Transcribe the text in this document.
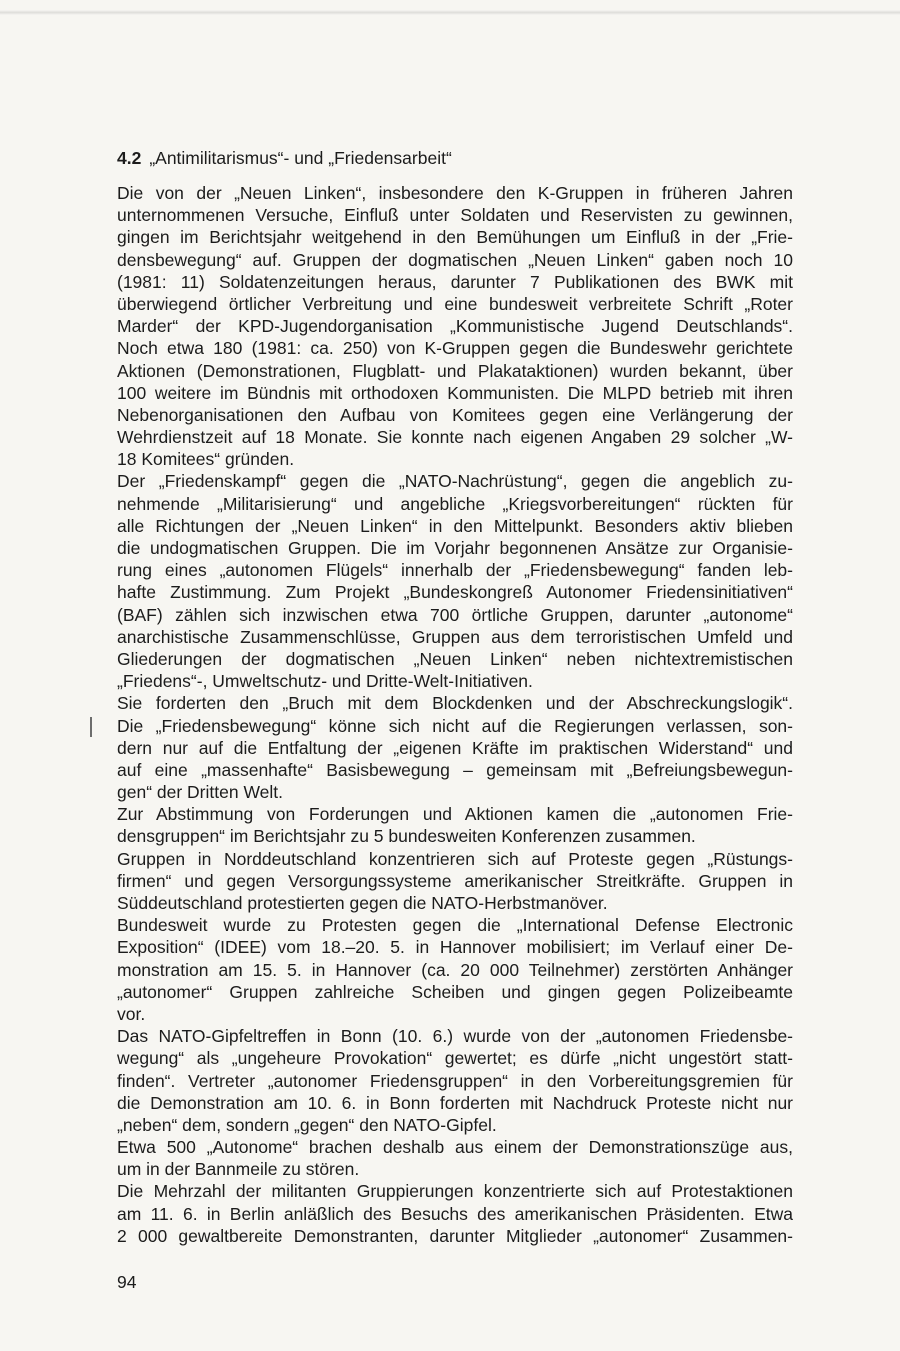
4.2 „Antimilitarismus“- und „Friedensarbeit“
Die von der „Neuen Linken“, insbesondere den K-Gruppen in früheren Jahren
unternommenen Versuche, Einfluß unter Soldaten und Reservisten zu gewinnen,
gingen im Berichtsjahr weitgehend in den Bemühungen um Einfluß in der „Frie-
densbewegung“ auf. Gruppen der dogmatischen „Neuen Linken“ gaben noch 10
(1981: 11) Soldatenzeitungen heraus, darunter 7 Publikationen des BWK mit
überwiegend örtlicher Verbreitung und eine bundesweit verbreitete Schrift „Roter
Marder“ der KPD-Jugendorganisation „Kommunistische Jugend Deutschlands“.
Noch etwa 180 (1981: ca. 250) von K-Gruppen gegen die Bundeswehr gerichtete
Aktionen (Demonstrationen, Flugblatt- und Plakataktionen) wurden bekannt, über
100 weitere im Bündnis mit orthodoxen Kommunisten. Die MLPD betrieb mit ihren
Nebenorganisationen den Aufbau von Komitees gegen eine Verlängerung der
Wehrdienstzeit auf 18 Monate. Sie konnte nach eigenen Angaben 29 solcher „W-
18 Komitees“ gründen.
Der „Friedenskampf“ gegen die „NATO-Nachrüstung“, gegen die angeblich zu-
nehmende „Militarisierung“ und angebliche „Kriegsvorbereitungen“ rückten für
alle Richtungen der „Neuen Linken“ in den Mittelpunkt. Besonders aktiv blieben
die undogmatischen Gruppen. Die im Vorjahr begonnenen Ansätze zur Organisie-
rung eines „autonomen Flügels“ innerhalb der „Friedensbewegung“ fanden leb-
hafte Zustimmung. Zum Projekt „Bundeskongreß Autonomer Friedensinitiativen“
(BAF) zählen sich inzwischen etwa 700 örtliche Gruppen, darunter „autonome“
anarchistische Zusammenschlüsse, Gruppen aus dem terroristischen Umfeld und
Gliederungen der dogmatischen „Neuen Linken“ neben nichtextremistischen
„Friedens“-, Umweltschutz- und Dritte-Welt-Initiativen.
Sie forderten den „Bruch mit dem Blockdenken und der Abschreckungslogik“.
Die „Friedensbewegung“ könne sich nicht auf die Regierungen verlassen, son-
dern nur auf die Entfaltung der „eigenen Kräfte im praktischen Widerstand“ und
auf eine „massenhafte“ Basisbewegung – gemeinsam mit „Befreiungsbewegun-
gen“ der Dritten Welt.
Zur Abstimmung von Forderungen und Aktionen kamen die „autonomen Frie-
densgruppen“ im Berichtsjahr zu 5 bundesweiten Konferenzen zusammen.
Gruppen in Norddeutschland konzentrieren sich auf Proteste gegen „Rüstungs-
firmen“ und gegen Versorgungssysteme amerikanischer Streitkräfte. Gruppen in
Süddeutschland protestierten gegen die NATO-Herbstmanöver.
Bundesweit wurde zu Protesten gegen die „International Defense Electronic
Exposition“ (IDEE) vom 18.–20. 5. in Hannover mobilisiert; im Verlauf einer De-
monstration am 15. 5. in Hannover (ca. 20 000 Teilnehmer) zerstörten Anhänger
„autonomer“ Gruppen zahlreiche Scheiben und gingen gegen Polizeibeamte
vor.
Das NATO-Gipfeltreffen in Bonn (10. 6.) wurde von der „autonomen Friedensbe-
wegung“ als „ungeheure Provokation“ gewertet; es dürfe „nicht ungestört statt-
finden“. Vertreter „autonomer Friedensgruppen“ in den Vorbereitungsgremien für
die Demonstration am 10. 6. in Bonn forderten mit Nachdruck Proteste nicht nur
„neben“ dem, sondern „gegen“ den NATO-Gipfel.
Etwa 500 „Autonome“ brachen deshalb aus einem der Demonstrationszüge aus,
um in der Bannmeile zu stören.
Die Mehrzahl der militanten Gruppierungen konzentrierte sich auf Protestaktionen
am 11. 6. in Berlin anläßlich des Besuchs des amerikanischen Präsidenten. Etwa
2 000 gewaltbereite Demonstranten, darunter Mitglieder „autonomer“ Zusammen-
94
